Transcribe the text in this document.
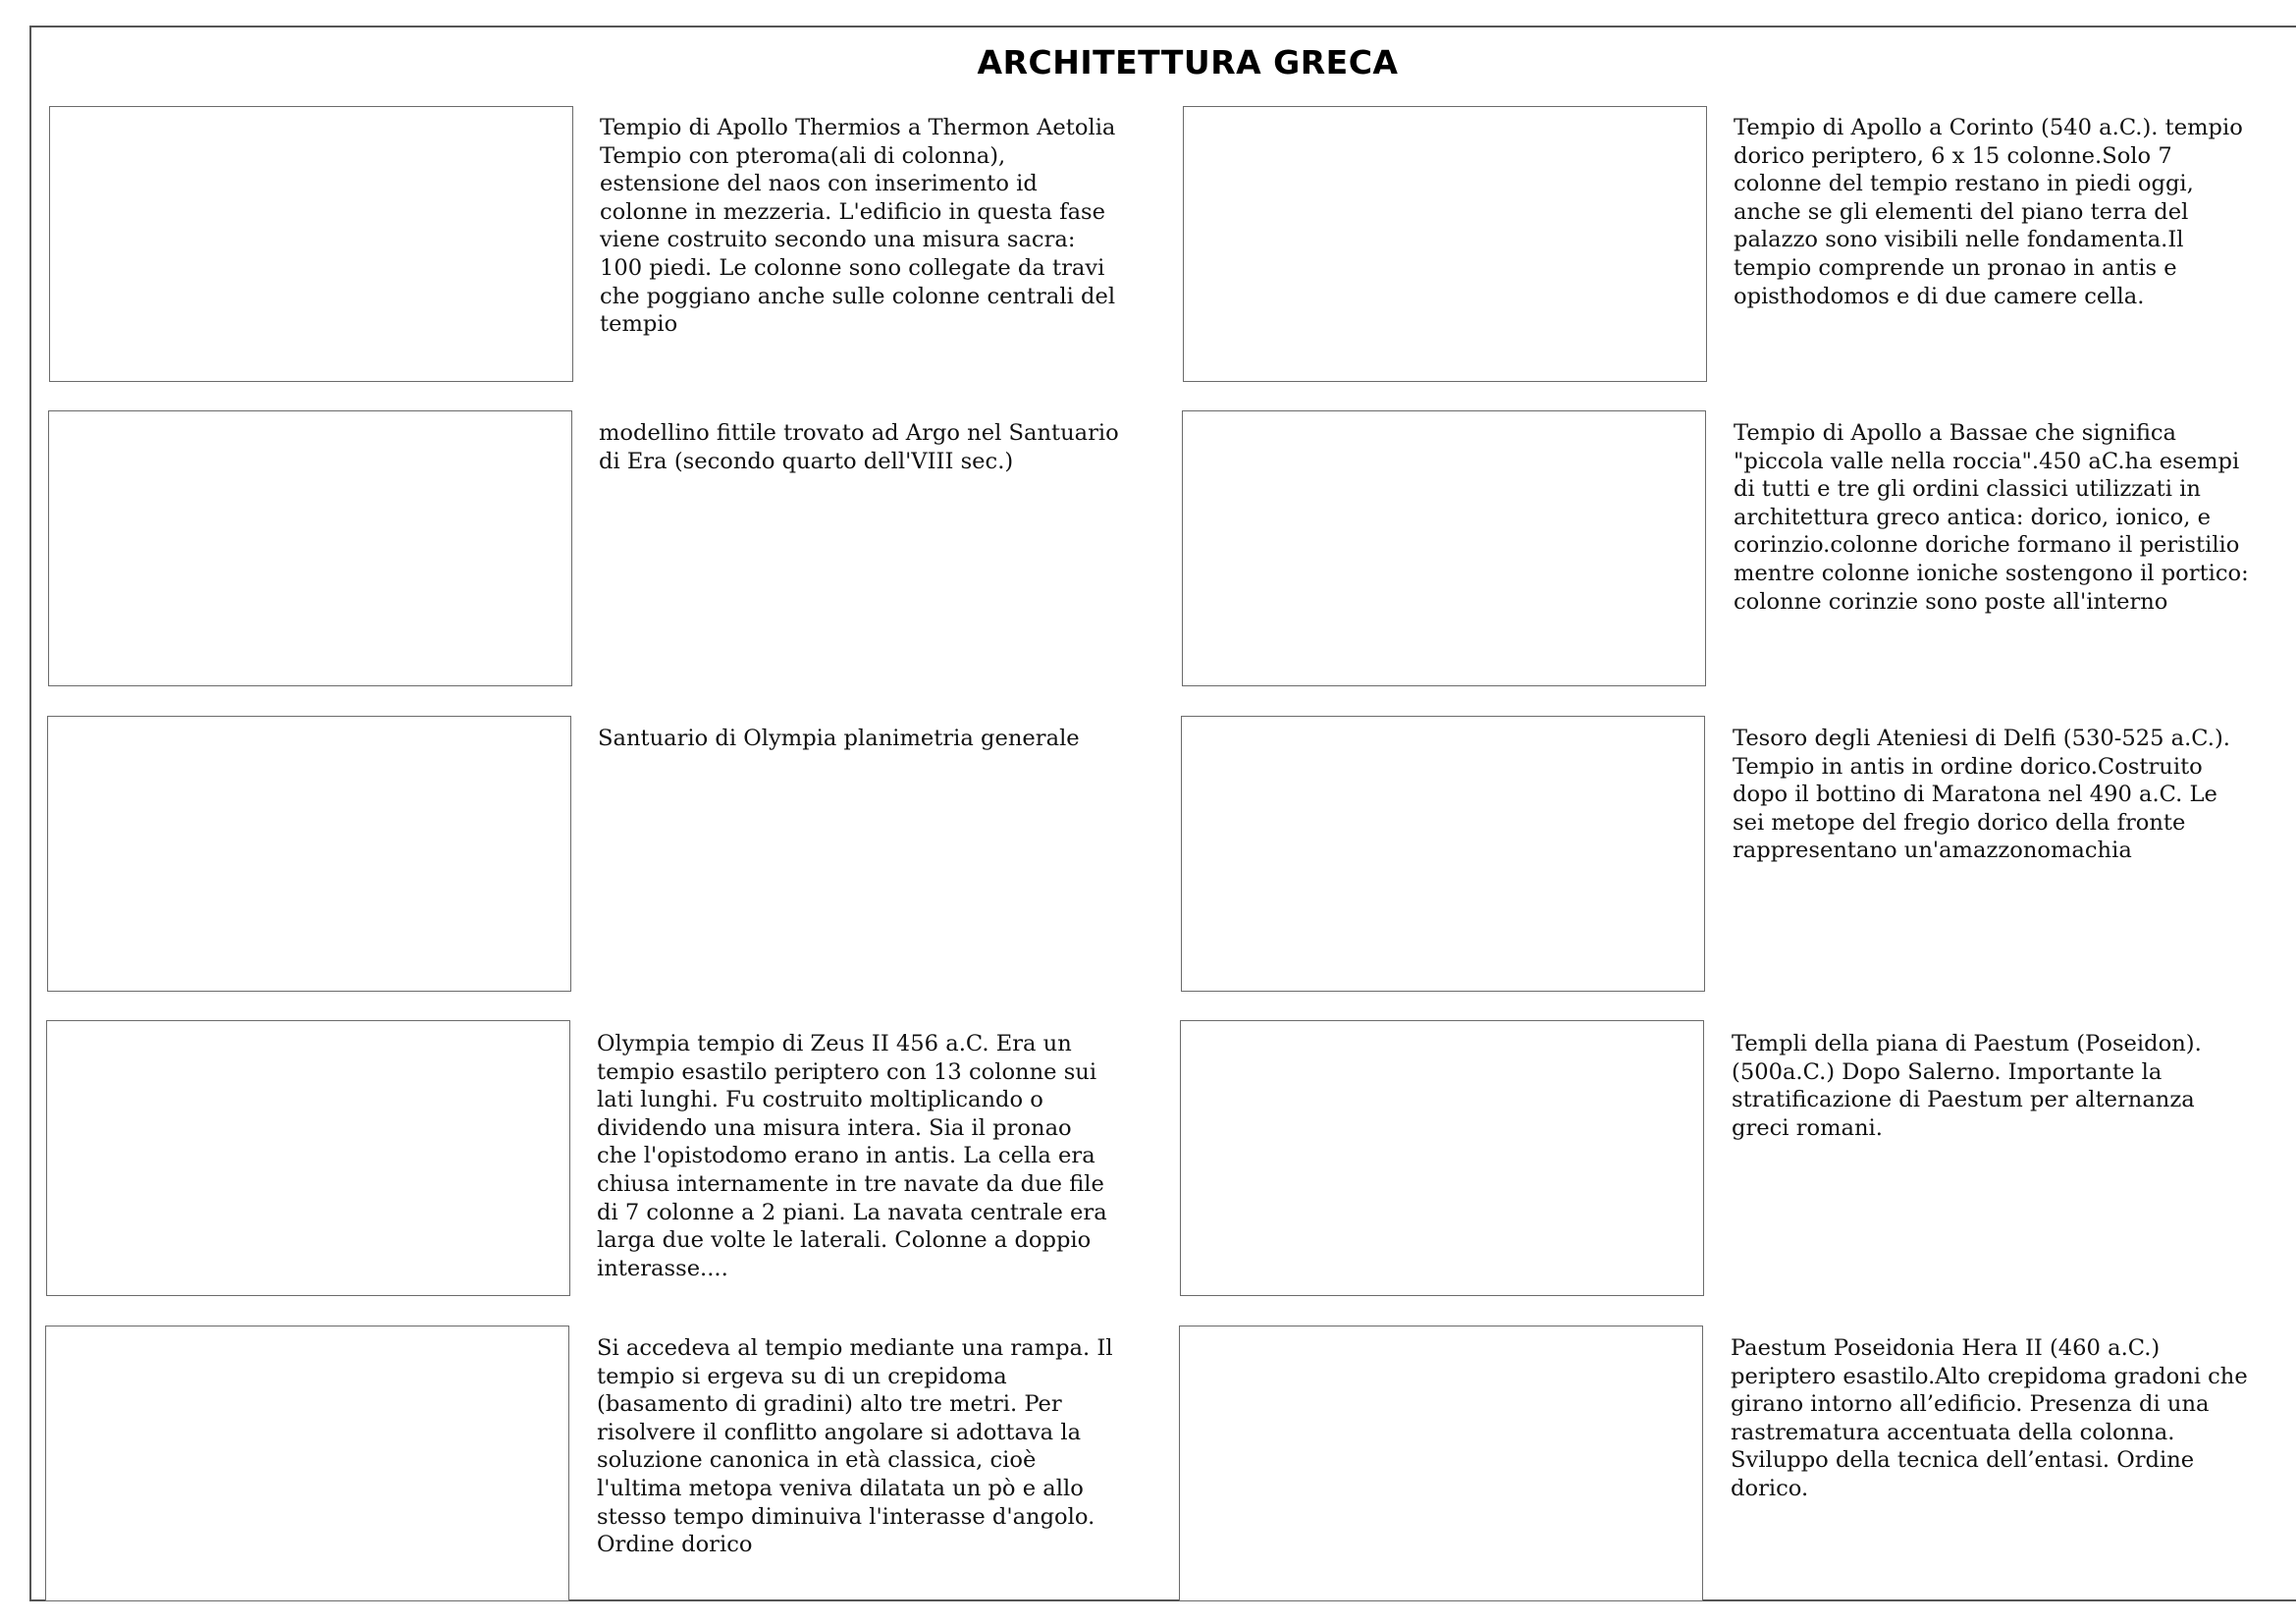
ARCHITETTURA GRECA
Tempio di Apollo Thermios a Thermon Aetolia Tempio con pteroma(ali di colonna), estensione del naos con inserimento id colonne in mezzeria. L'edificio in questa fase viene costruito secondo una misura sacra: 100 piedi. Le colonne sono collegate da travi che poggiano anche sulle colonne centrali del tempio
Tempio di Apollo a Corinto (540 a.C.). tempio dorico periptero, 6 x 15 colonne.Solo 7 colonne del tempio restano in piedi oggi, anche se gli elementi del piano terra del palazzo sono visibili nelle fondamenta.Il tempio comprende un pronao in antis e opisthodomos e di due camere cella.
modellino fittile trovato ad Argo nel Santuario di Era (secondo quarto dell'VIII sec.)
Tempio di Apollo a Bassae che significa "piccola valle nella roccia".450 aC.ha esempi di tutti e tre gli ordini classici utilizzati in architettura greco antica: dorico, ionico, e corinzio.colonne doriche formano il peristilio mentre colonne ioniche sostengono il portico: colonne corinzie sono poste all'interno
Santuario di Olympia planimetria generale	Tesoro degli Ateniesi di Delfi (530-525 a.C.). Tempio in antis in ordine dorico.Costruito dopo il bottino di Maratona nel 490 a.C. Le sei metope del fregio dorico della fronte rappresentano un'amazzonomachia
Olympia tempio di Zeus II 456 a.C. Era un tempio esastilo periptero con 13 colonne sui lati lunghi. Fu costruito moltiplicando o dividendo una misura intera. Sia il pronao che l'opistodomo erano in antis. La cella era chiusa internamente in tre navate da due file di 7 colonne a 2 piani. La navata centrale era larga due volte le laterali. Colonne a doppio interasse....
Templi della piana di Paestum (Poseidon). (500a.C.) Dopo Salerno. Importante la stratificazione di Paestum per alternanza greci romani.
Si accedeva al tempio mediante una rampa. Il tempio si ergeva su di un crepidoma (basamento di gradini) alto tre metri. Per risolvere il conflitto angolare si adottava la soluzione canonica in età classica, cioè l'ultima metopa veniva dilatata un pò e allo stesso tempo diminuiva l'interasse d'angolo. Ordine dorico
Paestum Poseidonia Hera II (460 a.C.) periptero esastilo.Alto crepidoma gradoni che girano intorno all’edificio. Presenza di una rastrematura accentuata della colonna. Sviluppo della tecnica dell’entasi. Ordine dorico.
